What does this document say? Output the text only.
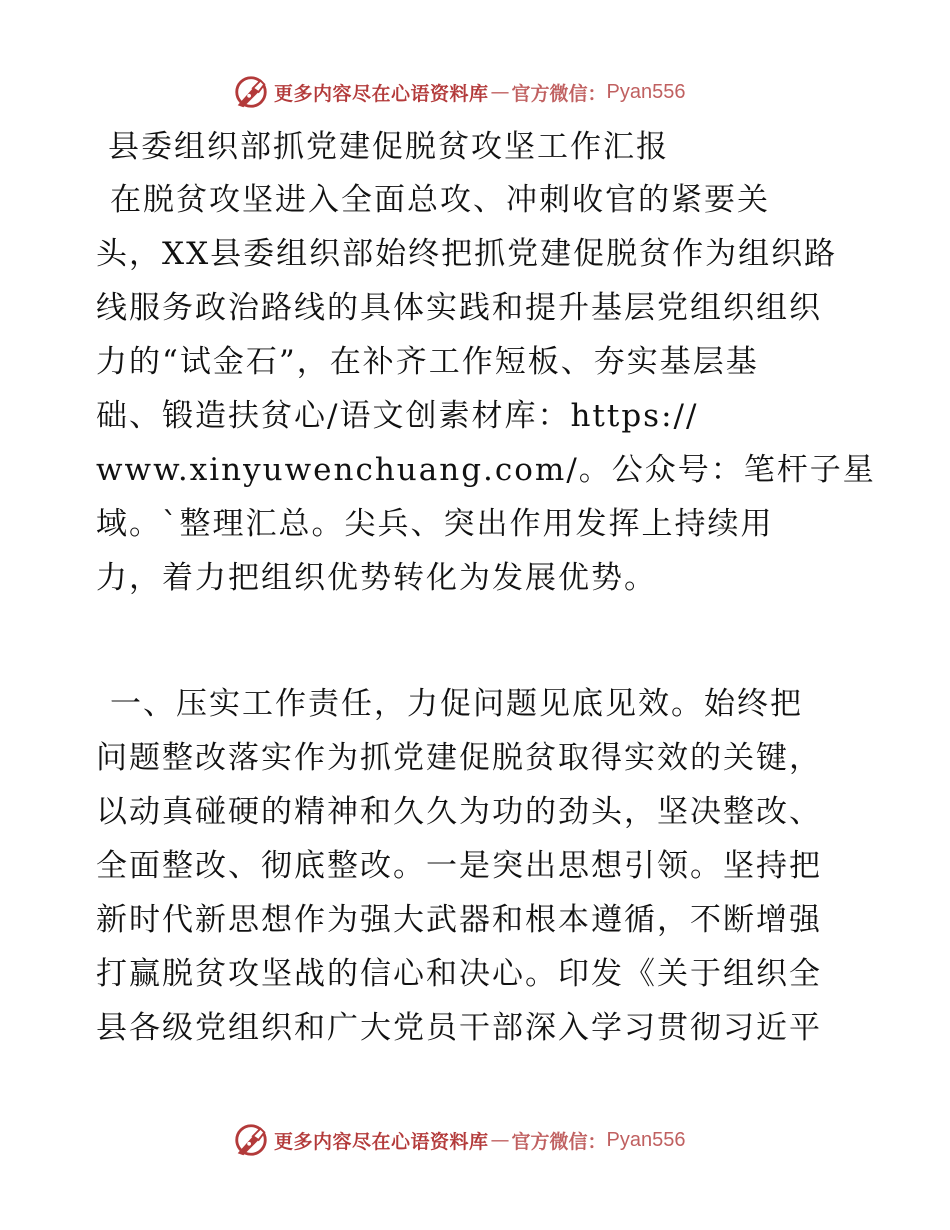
更多内容尽在心语资料库 — 官方微信： Pyan556
县委组织部抓党建促脱贫攻坚工作汇报
在脱贫攻坚进入全面总攻、冲刺收官的紧要关
头，XX县委组织部始终把抓党建促脱贫作为组织路
线服务政治路线的具体实践和提升基层党组织组织
力的“试金石”，在补齐工作短板、夯实基层基
础、锻造扶贫心/语文创素材库：https://
www.xinyuwenchuang.com/。公众号：笔杆子星
域。`整理汇总。尖兵、突出作用发挥上持续用
力，着力把组织优势转化为发展优势。
一、压实工作责任，力促问题见底见效。始终把
问题整改落实作为抓党建促脱贫取得实效的关键，
以动真碰硬的精神和久久为功的劲头，坚决整改、
全面整改、彻底整改。一是突出思想引领。坚持把
新时代新思想作为强大武器和根本遵循，不断增强
打赢脱贫攻坚战的信心和决心。印发《关于组织全
县各级党组织和广大党员干部深入学习贯彻习近平
更多内容尽在心语资料库 — 官方微信： Pyan556
